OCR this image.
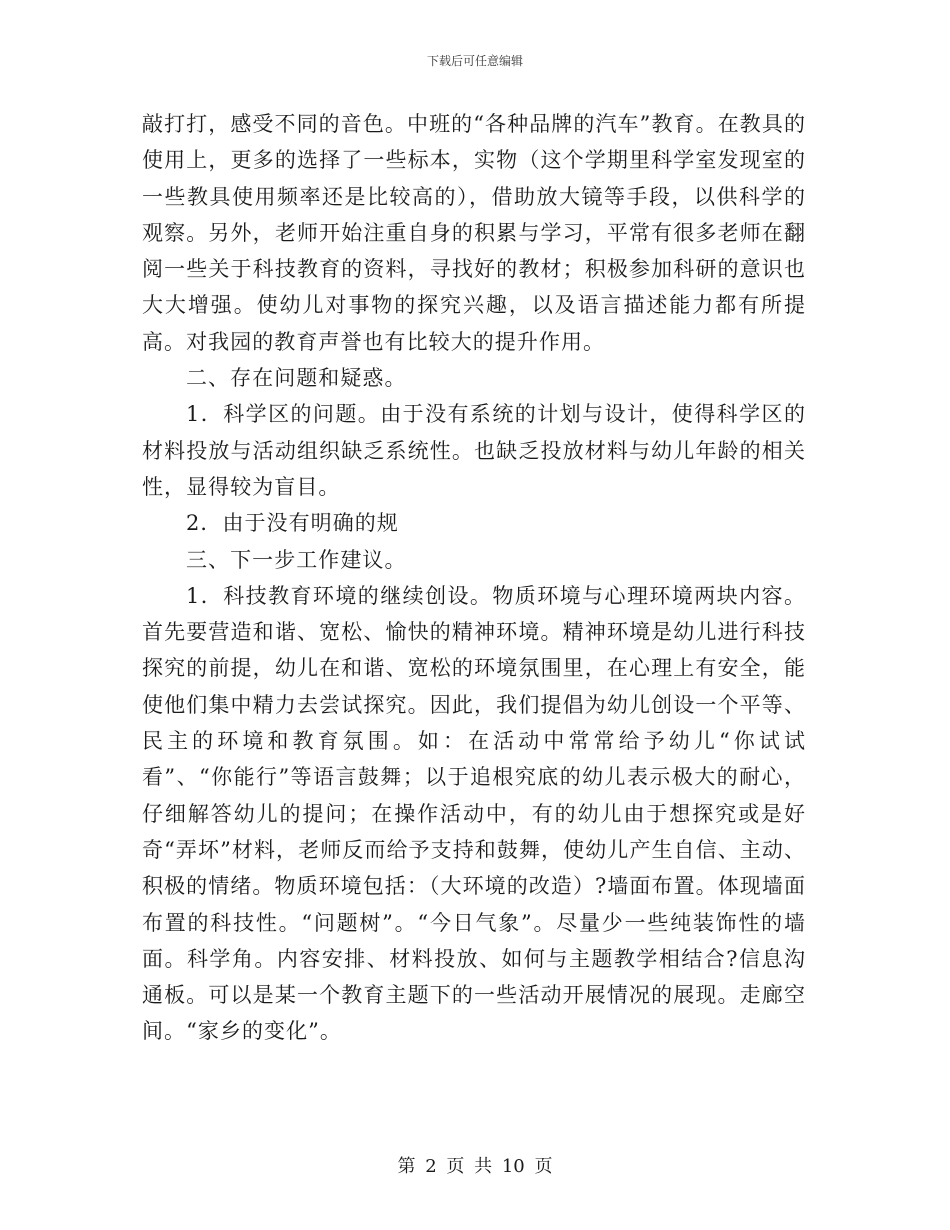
下载后可任意编辑

敲打打，感受不同的音色。中班的“各种品牌的汽车”教育。在教具的使用上，更多的选择了一些标本，实物（这个学期里科学室发现室的一些教具使用频率还是比较高的），借助放大镜等手段，以供科学的观察。另外，老师开始注重自身的积累与学习，平常有很多老师在翻阅一些关于科技教育的资料，寻找好的教材；积极参加科研的意识也大大增强。使幼儿对事物的探究兴趣，以及语言描述能力都有所提高。对我园的教育声誉也有比较大的提升作用。

二、存在问题和疑惑。

1．科学区的问题。由于没有系统的计划与设计，使得科学区的材料投放与活动组织缺乏系统性。也缺乏投放材料与幼儿年龄的相关性，显得较为盲目。

2．由于没有明确的规

三、下一步工作建议。

1．科技教育环境的继续创设。物质环境与心理环境两块内容。首先要营造和谐、宽松、愉快的精神环境。精神环境是幼儿进行科技探究的前提，幼儿在和谐、宽松的环境氛围里，在心理上有安全，能使他们集中精力去尝试探究。因此，我们提倡为幼儿创设一个平等、民主的环境和教育氛围。如：在活动中常常给予幼儿“你试试看”、“你能行”等语言鼓舞；以于追根究底的幼儿表示极大的耐心，仔细解答幼儿的提问；在操作活动中，有的幼儿由于想探究或是好奇“弄坏”材料，老师反而给予支持和鼓舞，使幼儿产生自信、主动、积极的情绪。物质环境包括：（大环境的改造）?墙面布置。体现墙面布置的科技性。“问题树”。“今日气象”。尽量少一些纯装饰性的墙面。科学角。内容安排、材料投放、如何与主题教学相结合?信息沟通板。可以是某一个教育主题下的一些活动开展情况的展现。走廊空间。“家乡的变化”。

第 2 页 共 10 页
